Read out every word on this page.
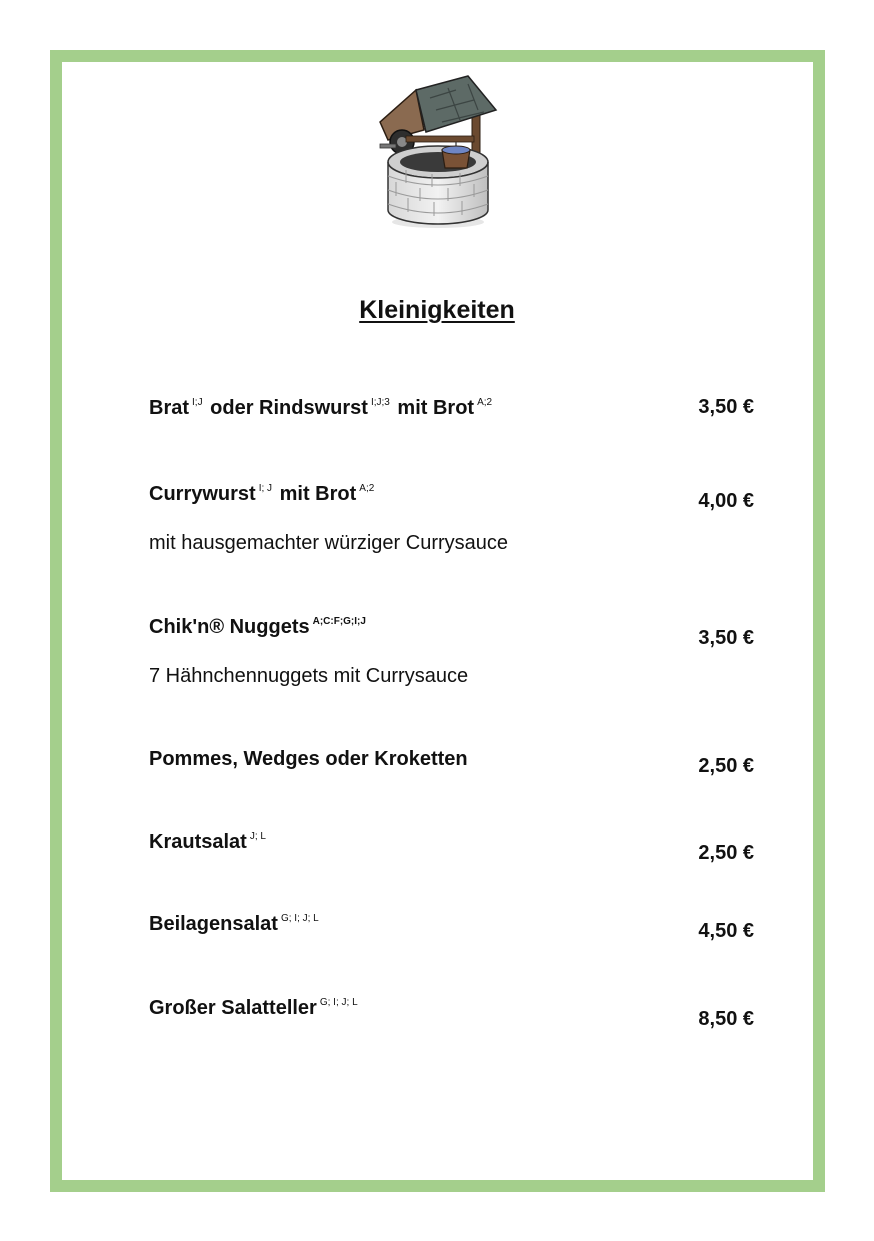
Kleinigkeiten
Brat $^{I;J}$ oder Rindswurst $^{I;J;3}$ mit Brot $^{A;2}$	3,50 €
Currywurst $^{I; J}$ mit Brot $^{A;2}$
mit hausgemachter würziger Currysauce
4,00 €
Chik'n® Nuggets $^{A;C:F;G;I;J}$
7 Hähnchennuggets mit Currysauce
3,50 €
Pommes, Wedges oder Kroketten	2,50 €
Krautsalat $^{J; L}$
2,50 €
Beilagensalat $^{G; I; J; L}$
4,50 €
Großer Salatteller $^{G; I; J; L}$
8,50 €
